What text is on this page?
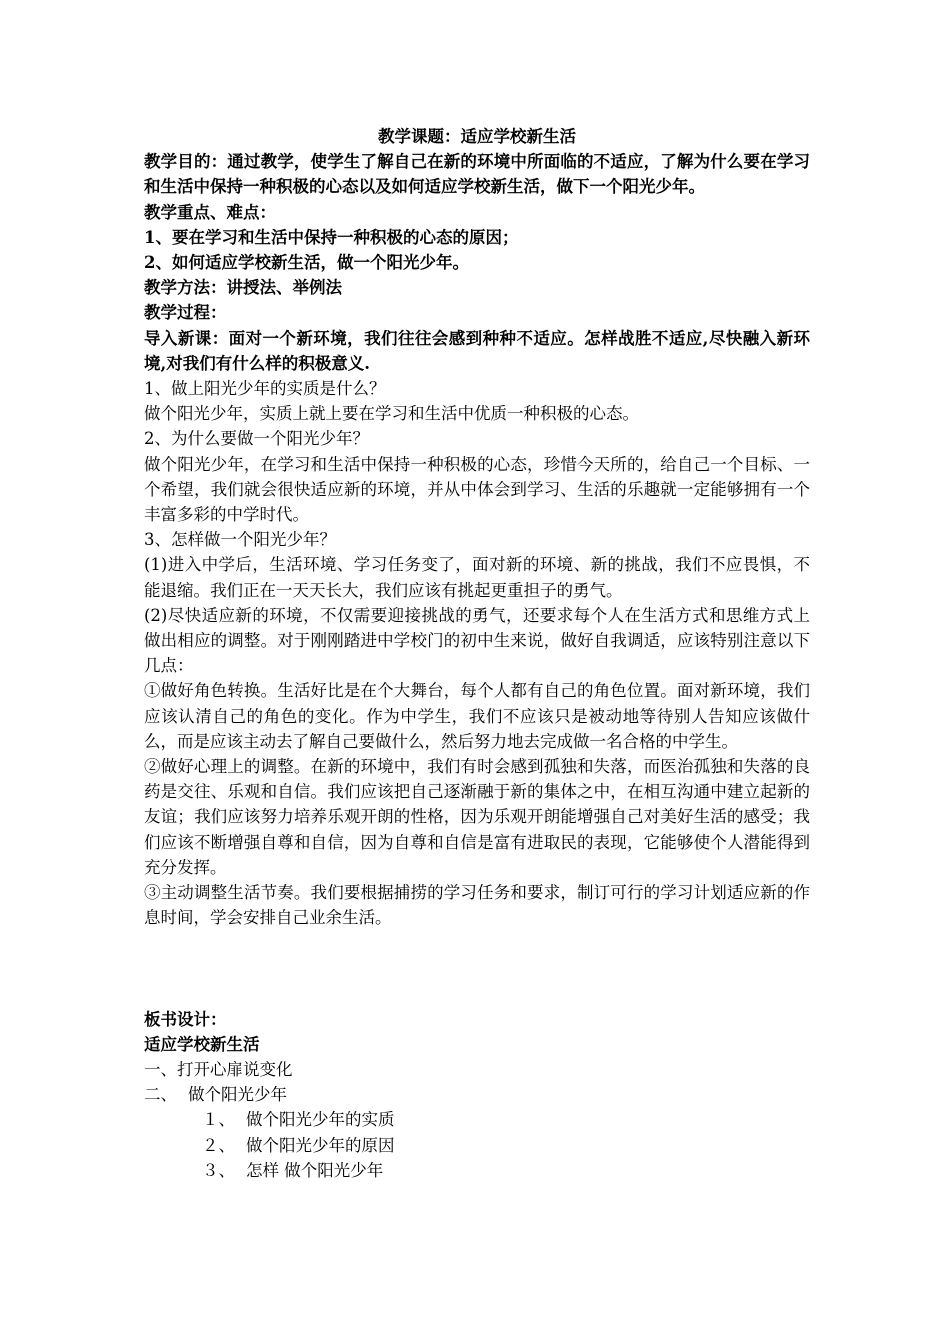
教学课题：适应学校新生活

教学目的：通过教学，使学生了解自己在新的环境中所面临的不适应，了解为什么要在学习和生活中保持一种积极的心态以及如何适应学校新生活，做下一个阳光少年。

教学重点、难点：

1、要在学习和生活中保持一种积极的心态的原因；

2、如何适应学校新生活，做一个阳光少年。

教学方法：讲授法、举例法

教学过程：

导入新课：面对一个新环境，我们往往会感到种种不适应。怎样战胜不适应,尽快融入新环境,对我们有什么样的积极意义.

1、做上阳光少年的实质是什么？

做个阳光少年，实质上就上要在学习和生活中优质一种积极的心态。

2、为什么要做一个阳光少年？

做个阳光少年，在学习和生活中保持一种积极的心态，珍惜今天所的，给自己一个目标、一个希望，我们就会很快适应新的环境，并从中体会到学习、生活的乐趣就一定能够拥有一个丰富多彩的中学时代。

3、怎样做一个阳光少年？

(1)进入中学后，生活环境、学习任务变了，面对新的环境、新的挑战，我们不应畏惧，不能退缩。我们正在一天天长大，我们应该有挑起更重担子的勇气。

(2)尽快适应新的环境，不仅需要迎接挑战的勇气，还要求每个人在生活方式和思维方式上做出相应的调整。对于刚刚踏进中学校门的初中生来说，做好自我调适，应该特别注意以下几点：

①做好角色转换。生活好比是在个大舞台，每个人都有自己的角色位置。面对新环境，我们应该认清自己的角色的变化。作为中学生，我们不应该只是被动地等待别人告知应该做什么，而是应该主动去了解自己要做什么，然后努力地去完成做一名合格的中学生。

②做好心理上的调整。在新的环境中，我们有时会感到孤独和失落，而医治孤独和失落的良药是交往、乐观和自信。我们应该把自己逐渐融于新的集体之中，在相互沟通中建立起新的友谊；我们应该努力培养乐观开朗的性格，因为乐观开朗能增强自己对美好生活的感受；我们应该不断增强自尊和自信，因为自尊和自信是富有进取民的表现，它能够使个人潜能得到充分发挥。

③主动调整生活节奏。我们要根据捕捞的学习任务和要求，制订可行的学习计划适应新的作息时间，学会安排自己业余生活。

板书设计：

适应学校新生活

一、打开心扉说变化

二、 做个阳光少年

１、 做个阳光少年的实质

２、 做个阳光少年的原因

３、 怎样 做个阳光少年
